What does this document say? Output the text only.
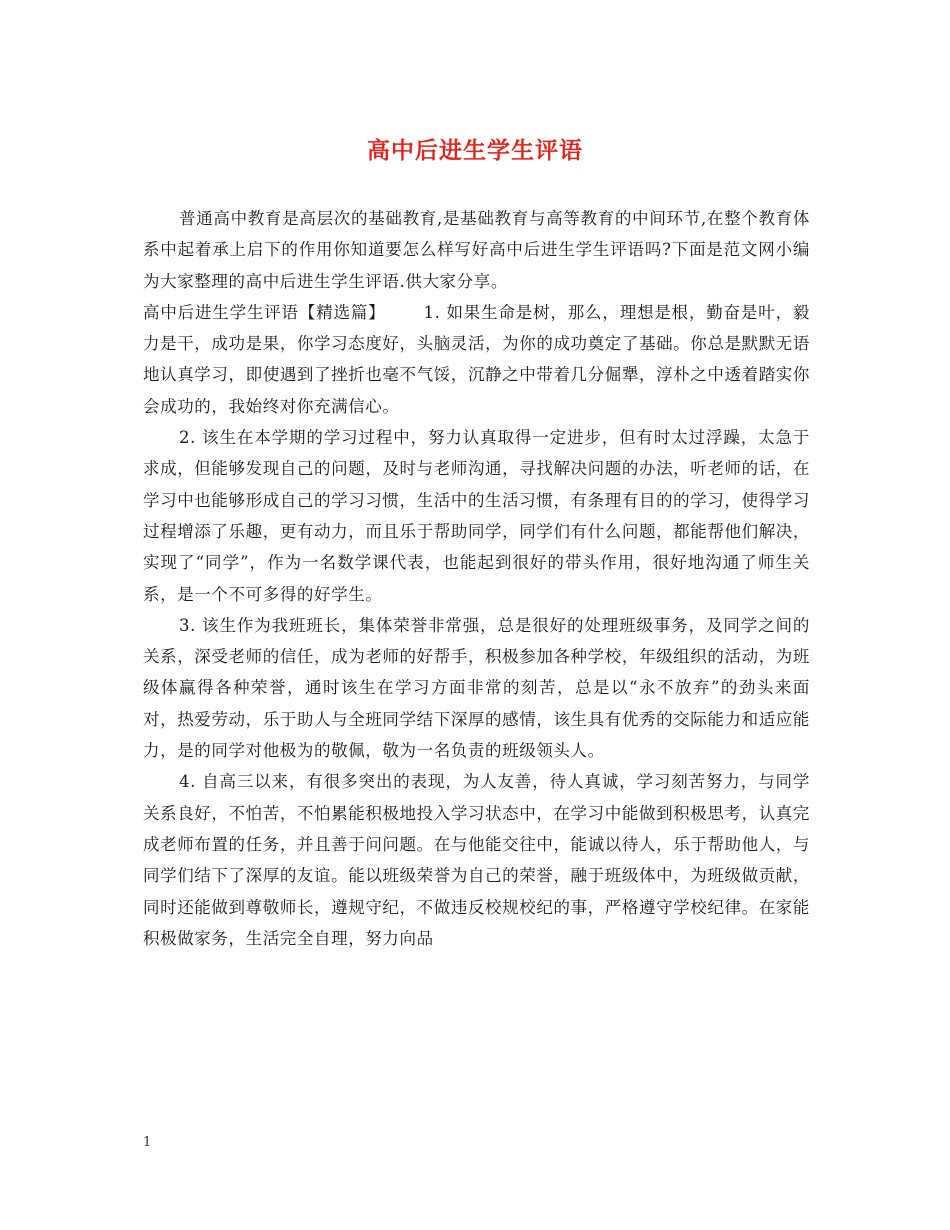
高中后进生学生评语

普通高中教育是高层次的基础教育,是基础教育与高等教育的中间环节,在整个教育体系中起着承上启下的作用你知道要怎么样写好高中后进生学生评语吗?下面是范文网小编为大家整理的高中后进生学生评语.供大家分享。

高中后进生学生评语【精选篇】 1. 如果生命是树，那么，理想是根，勤奋是叶，毅力是干，成功是果，你学习态度好，头脑灵活，为你的成功奠定了基础。你总是默默无语地认真学习，即使遇到了挫折也毫不气馁，沉静之中带着几分倔犟，淳朴之中透着踏实你会成功的，我始终对你充满信心。

2. 该生在本学期的学习过程中，努力认真取得一定进步，但有时太过浮躁，太急于求成，但能够发现自己的问题，及时与老师沟通，寻找解决问题的办法，听老师的话，在学习中也能够形成自己的学习习惯，生活中的生活习惯，有条理有目的的学习，使得学习过程增添了乐趣，更有动力，而且乐于帮助同学，同学们有什么问题，都能帮他们解决，实现了“同学”，作为一名数学课代表，也能起到很好的带头作用，很好地沟通了师生关系，是一个不可多得的好学生。

3. 该生作为我班班长，集体荣誉非常强，总是很好的处理班级事务，及同学之间的关系，深受老师的信任，成为老师的好帮手，积极参加各种学校，年级组织的活动，为班级体赢得各种荣誉，通时该生在学习方面非常的刻苦，总是以“永不放弃”的劲头来面对，热爱劳动，乐于助人与全班同学结下深厚的感情，该生具有优秀的交际能力和适应能力，是的同学对他极为的敬佩，敬为一名负责的班级领头人。

4. 自高三以来，有很多突出的表现，为人友善，待人真诚，学习刻苦努力，与同学关系良好，不怕苦，不怕累能积极地投入学习状态中，在学习中能做到积极思考，认真完成老师布置的任务，并且善于问问题。在与他能交往中，能诚以待人，乐于帮助他人，与同学们结下了深厚的友谊。能以班级荣誉为自己的荣誉，融于班级体中，为班级做贡献，同时还能做到尊敬师长，遵规守纪，不做违反校规校纪的事，严格遵守学校纪律。在家能积极做家务，生活完全自理，努力向品

1
